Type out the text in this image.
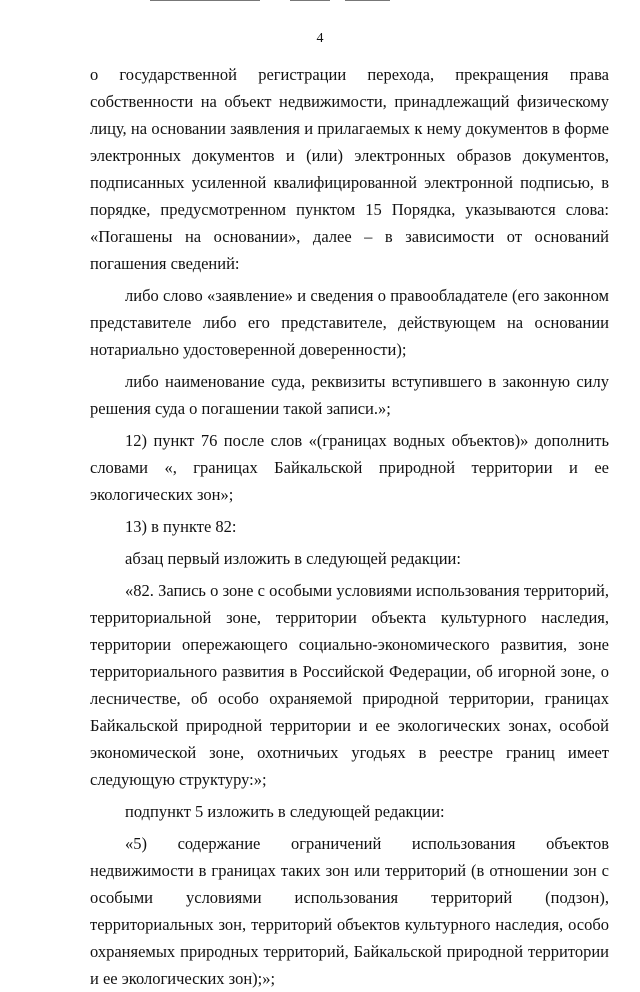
4

о государственной регистрации перехода, прекращения права собственности на объект недвижимости, принадлежащий физическому лицу, на основании заявления и прилагаемых к нему документов в форме электронных документов и (или) электронных образов документов, подписанных усиленной квалифицированной электронной подписью, в порядке, предусмотренном пунктом 15 Порядка, указываются слова: «Погашены на основании», далее – в зависимости от оснований погашения сведений:

либо слово «заявление» и сведения о правообладателе (его законном представителе либо его представителе, действующем на основании нотариально удостоверенной доверенности);

либо наименование суда, реквизиты вступившего в законную силу решения суда о погашении такой записи.»;

12) пункт 76 после слов «(границах водных объектов)» дополнить словами «, границах Байкальской природной территории и ее экологических зон»;

13) в пункте 82:

абзац первый изложить в следующей редакции:

«82. Запись о зоне с особыми условиями использования территорий, территориальной зоне, территории объекта культурного наследия, территории опережающего социально-экономического развития, зоне территориального развития в Российской Федерации, об игорной зоне, о лесничестве, об особо охраняемой природной территории, границах Байкальской природной территории и ее экологических зонах, особой экономической зоне, охотничьих угодьях в реестре границ имеет следующую структуру:»;

подпункт 5 изложить в следующей редакции:

«5) содержание ограничений использования объектов недвижимости в границах таких зон или территорий (в отношении зон с особыми условиями использования территорий (подзон), территориальных зон, территорий объектов культурного наследия, особо охраняемых природных территорий, Байкальской природной территории и ее экологических зон);»;
